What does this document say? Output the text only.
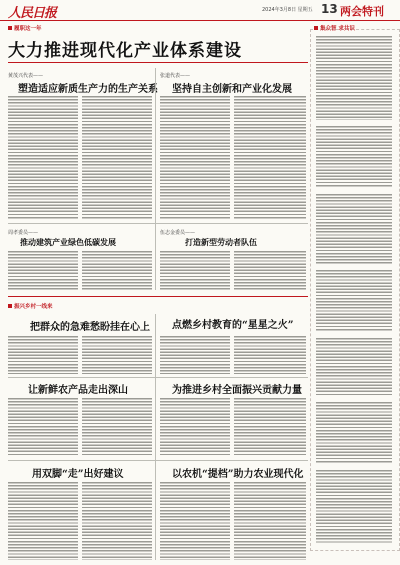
人民日报	2024年3月8日 星期五 13 两会特刊
履职这一年
大力推进现代化产业体系建设
黄茂兴代表——
塑造适应新质生产力的生产关系
张道代表——
坚持自主创新和产业化发展
周孝委员——
推动建筑产业绿色低碳发展
伍志金委员——
打造新型劳动者队伍
振兴乡村一线来
把群众的急难愁盼挂在心上 点燃乡村教育的“星星之火”
让新鲜农产品走出深山	为推进乡村全面振兴贡献力量
用双脚“走”出好建议	以农机“提档”助力农业现代化
集众智 求共识
